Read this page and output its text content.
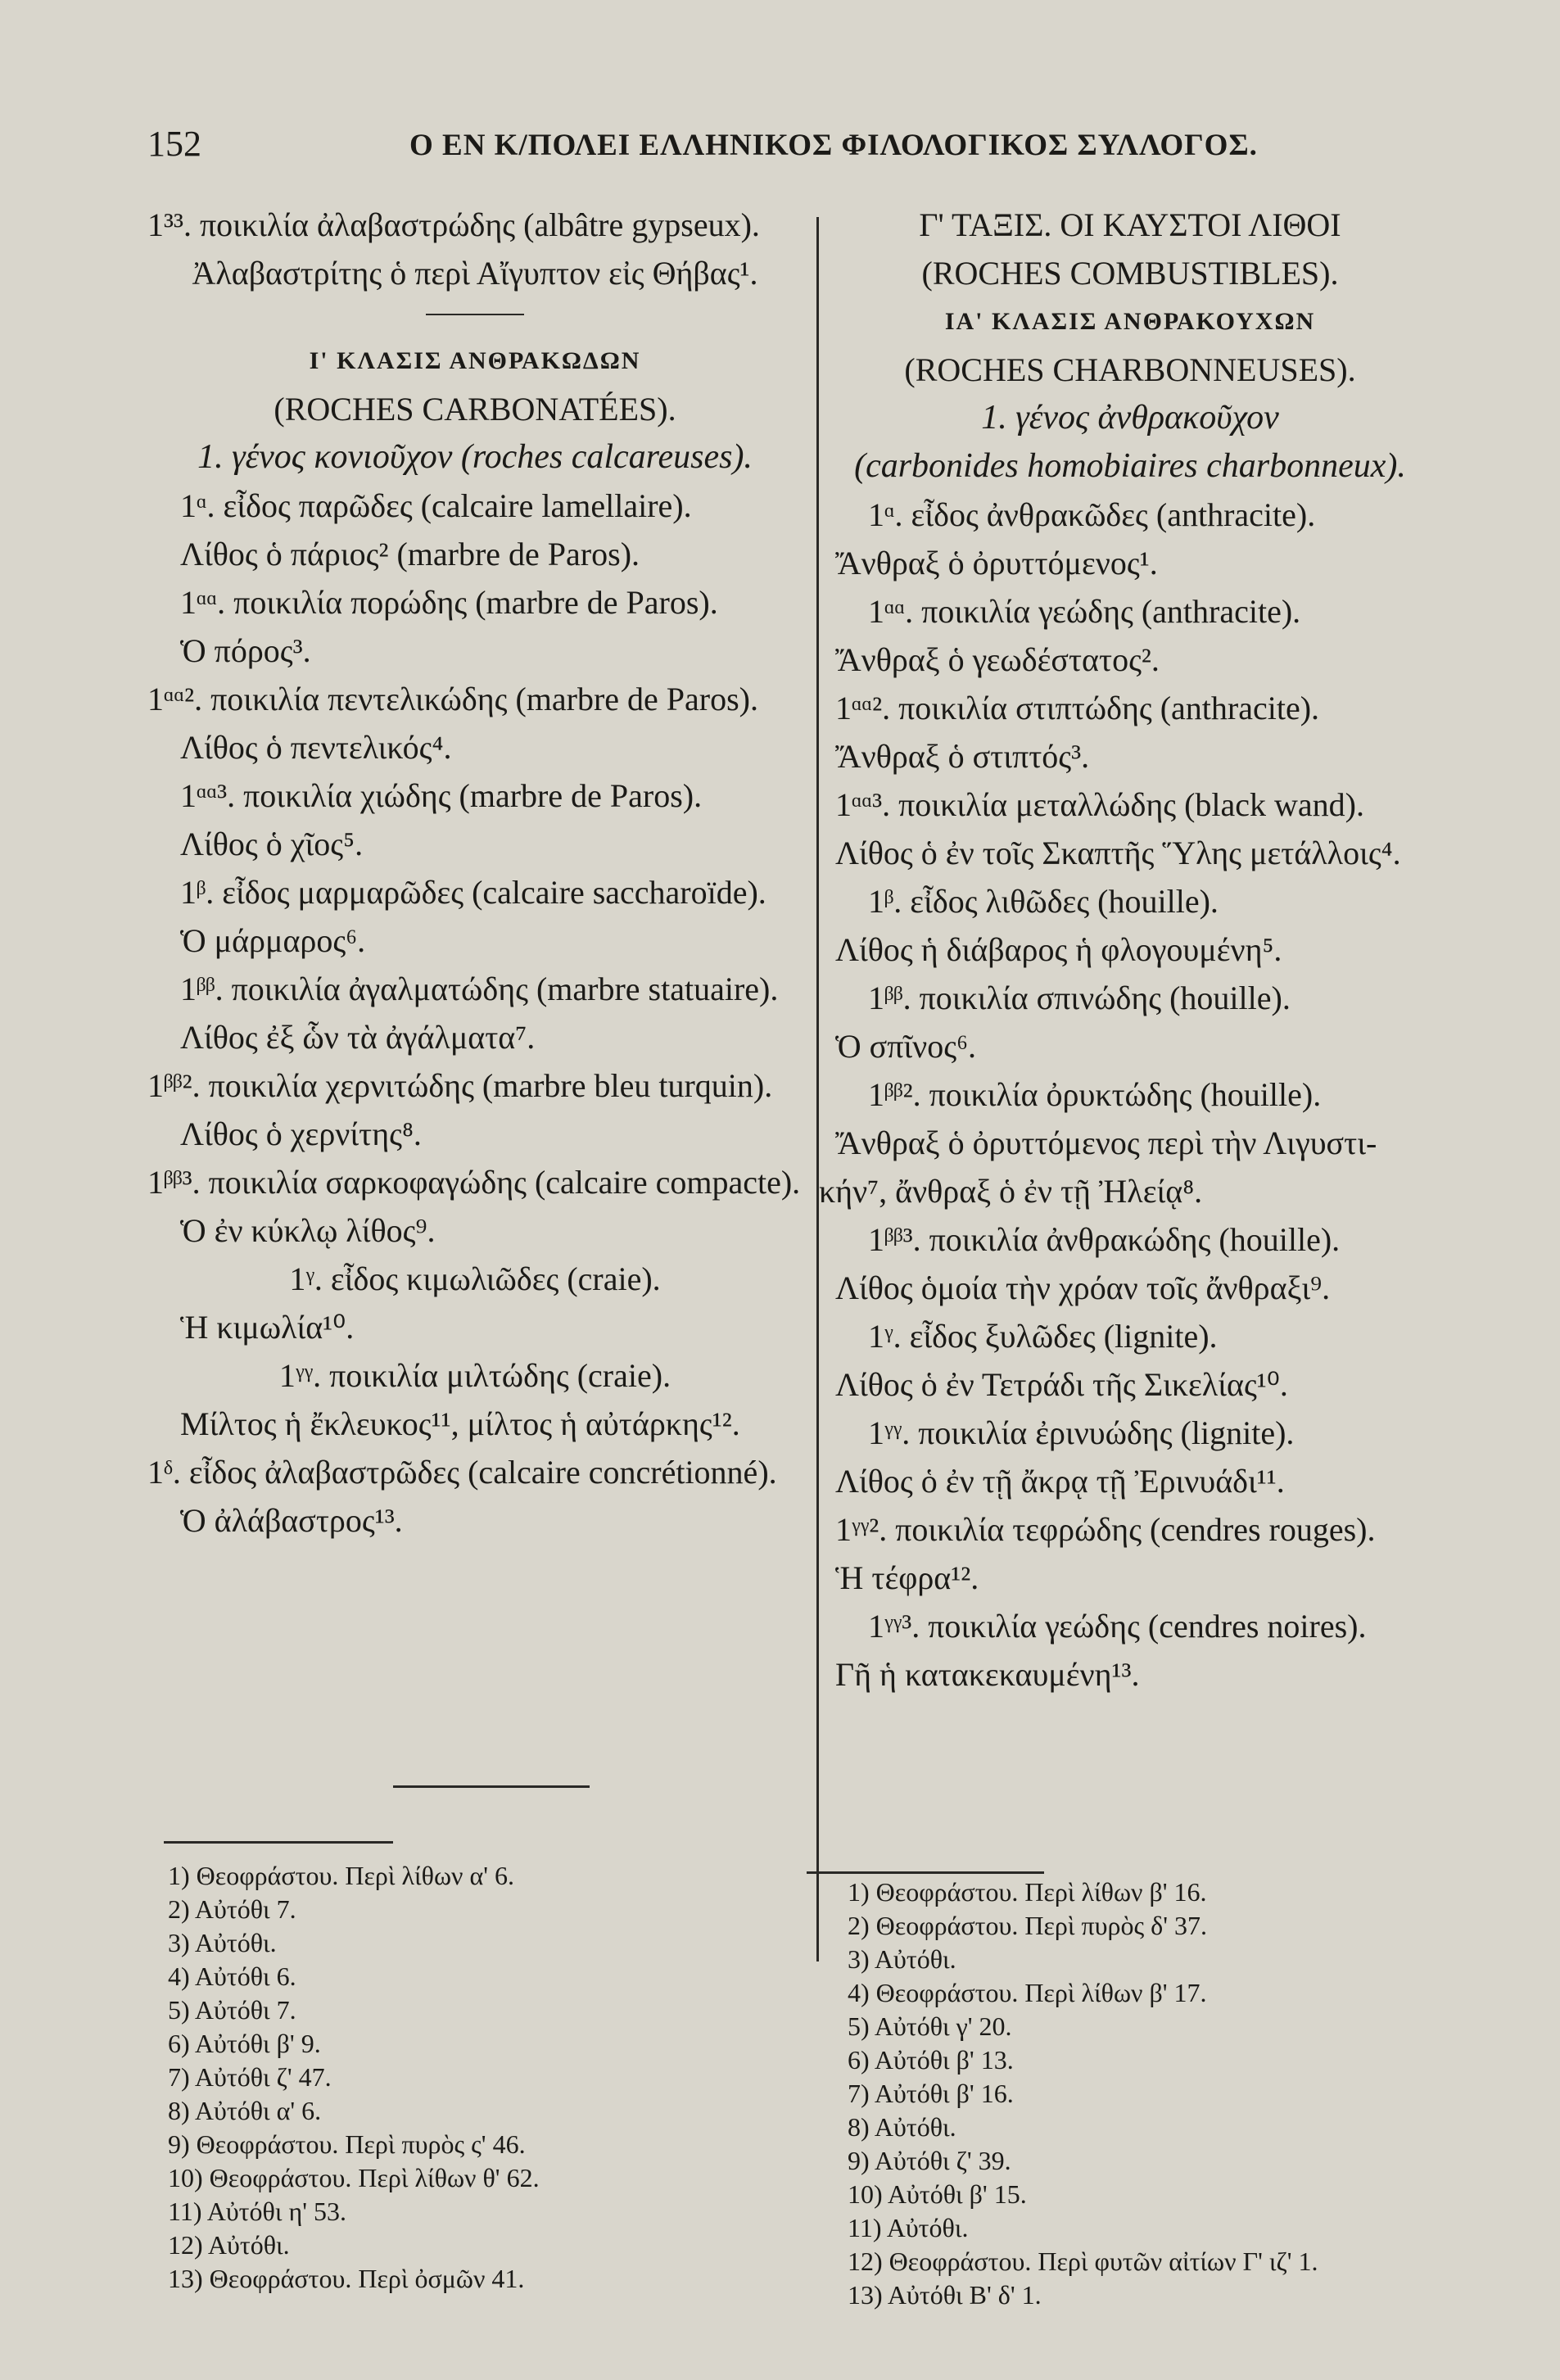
152	Ο ΕΝ Κ/ΠΟΛΕΙ ΕΛΛΗΝΙΚΟΣ ΦΙΛΟΛΟΓΙΚΟΣ ΣΥΛΛΟΓΟΣ.
1³³. ποικιλία ἀλαβαστρώδης (albâtre gypseux).
Ἀλαβαστρίτης ὁ περὶ Αἴγυπτον εἰς Θήβας¹.
Ι' ΚΛΑΣΙΣ ΑΝΘΡΑΚΩΔΩΝ
(ROCHES CARBONATÉES).
1. γένος κονιοῦχον (roches calcareuses).
1ᵅ. εἶδος παρῶδες (calcaire lamellaire).
Λίθος ὁ πάριος² (marbre de Paros).
1ᵅᵅ. ποικιλία πορώδης (marbre de Paros).
Ὁ πόρος³.
1ᵅᵅ². ποικιλία πεντελικώδης (marbre de Paros).
Λίθος ὁ πεντελικός⁴.
1ᵅᵅ³. ποικιλία χιώδης (marbre de Paros).
Λίθος ὁ χῖος⁵.
1ᵝ. εἶδος μαρμαρῶδες (calcaire saccharoïde).
Ὁ μάρμαρος⁶.
1ᵝᵝ. ποικιλία ἀγαλματώδης (marbre statuaire).
Λίθος ἐξ ὧν τὰ ἀγάλματα⁷.
1ᵝᵝ². ποικιλία χερνιτώδης (marbre bleu turquin).
Λίθος ὁ χερνίτης⁸.
1ᵝᵝ³. ποικιλία σαρκοφαγώδης (calcaire compacte).
Ὁ ἐν κύκλῳ λίθος⁹.
1ᵞ. εἶδος κιμωλιῶδες (craie).
Ἡ κιμωλία¹⁰.
1ᵞᵞ. ποικιλία μιλτώδης (craie).
Μίλτος ἡ ἔκλευκος¹¹, μίλτος ἡ αὐτάρκης¹².
1ᵟ. εἶδος ἀλαβαστρῶδες (calcaire concrétionné).
Ὁ ἀλάβαστρος¹³.
1) Θεοφράστου. Περὶ λίθων α' 6.
2) Αὐτόθι 7.
3) Αὐτόθι.
4) Αὐτόθι 6.
5) Αὐτόθι 7.
6) Αὐτόθι β' 9.
7) Αὐτόθι ζ' 47.
8) Αὐτόθι α' 6.
9) Θεοφράστου. Περὶ πυρὸς ς' 46.
10) Θεοφράστου. Περὶ λίθων θ' 62.
11) Αὐτόθι η' 53.
12) Αὐτόθι.
13) Θεοφράστου. Περὶ ὀσμῶν 41.
Γ' ΤΑΞΙΣ. ΟΙ ΚΑΥΣΤΟΙ ΛΙΘΟΙ
(ROCHES COMBUSTIBLES).
ΙΑ' ΚΛΑΣΙΣ ΑΝΘΡΑΚΟΥΧΩΝ
(ROCHES CHARBONNEUSES).
1. γένος ἀνθρακοῦχον
(carbonides homobiaires charbonneux).
1ᵅ. εἶδος ἀνθρακῶδες (anthracite).
Ἄνθραξ ὁ ὀρυττόμενος¹.
1ᵅᵅ. ποικιλία γεώδης (anthracite).
Ἄνθραξ ὁ γεωδέστατος².
1ᵅᵅ². ποικιλία στιπτώδης (anthracite).
Ἄνθραξ ὁ στιπτός³.
1ᵅᵅ³. ποικιλία μεταλλώδης (black wand).
Λίθος ὁ ἐν τοῖς Σκαπτῆς Ὕλης μετάλλοις⁴.
1ᵝ. εἶδος λιθῶδες (houille).
Λίθος ἡ διάβαρος ἡ φλογουμένη⁵.
1ᵝᵝ. ποικιλία σπινώδης (houille).
Ὁ σπῖνος⁶.
1ᵝᵝ². ποικιλία ὀρυκτώδης (houille).
Ἄνθραξ ὁ ὀρυττόμενος περὶ τὴν Λιγυστι-
κήν⁷, ἄνθραξ ὁ ἐν τῇ Ἠλείᾳ⁸.
1ᵝᵝ³. ποικιλία ἀνθρακώδης (houille).
Λίθος ὁμοία τὴν χρόαν τοῖς ἄνθραξι⁹.
1ᵞ. εἶδος ξυλῶδες (lignite).
Λίθος ὁ ἐν Τετράδι τῆς Σικελίας¹⁰.
1ᵞᵞ. ποικιλία ἐρινυώδης (lignite).
Λίθος ὁ ἐν τῇ ἄκρᾳ τῇ Ἐρινυάδι¹¹.
1ᵞᵞ². ποικιλία τεφρώδης (cendres rouges).
Ἡ τέφρα¹².
1ᵞᵞ³. ποικιλία γεώδης (cendres noires).
Γῆ ἡ κατακεκαυμένη¹³.
1) Θεοφράστου. Περὶ λίθων β' 16.
2) Θεοφράστου. Περὶ πυρὸς δ' 37.
3) Αὐτόθι.
4) Θεοφράστου. Περὶ λίθων β' 17.
5) Αὐτόθι γ' 20.
6) Αὐτόθι β' 13.
7) Αὐτόθι β' 16.
8) Αὐτόθι.
9) Αὐτόθι ζ' 39.
10) Αὐτόθι β' 15.
11) Αὐτόθι.
12) Θεοφράστου. Περὶ φυτῶν αἰτίων Γ' ιζ' 1.
13) Αὐτόθι Β' δ' 1.
